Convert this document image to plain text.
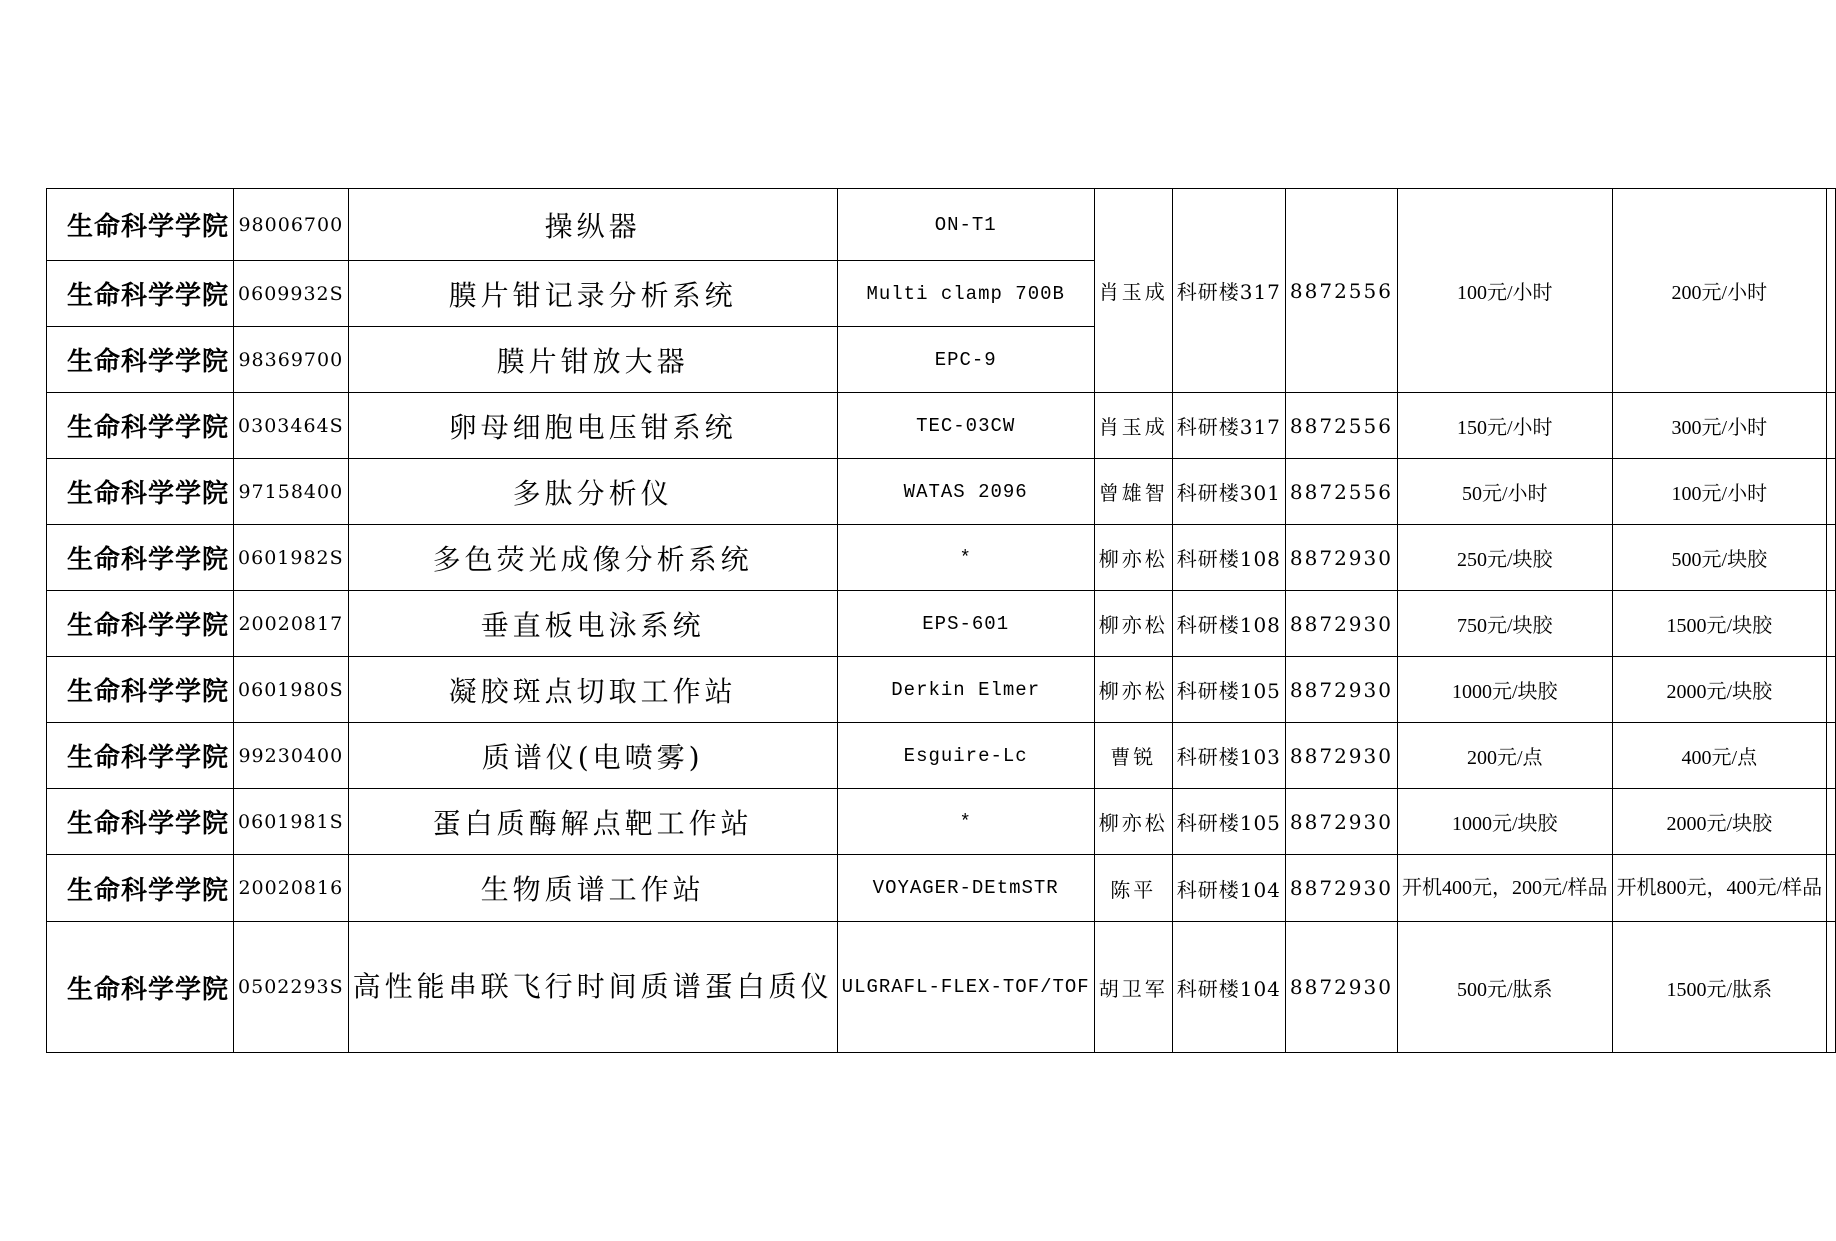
生命科学学院	98006700	操纵器	ON-T1	肖玉成	科研楼317	8872556	100元/小时	200元/小时	
生命科学学院	0609932S	膜片钳记录分析系统	Multi clamp 700B						
生命科学学院	98369700	膜片钳放大器	EPC-9						
生命科学学院	0303464S	卵母细胞电压钳系统	TEC-03CW	肖玉成	科研楼317	8872556	150元/小时	300元/小时	
生命科学学院	97158400	多肽分析仪	WATAS 2096	曾雄智	科研楼301	8872556	50元/小时	100元/小时	
生命科学学院	0601982S	多色荧光成像分析系统	*	柳亦松	科研楼108	8872930	250元/块胶	500元/块胶	
生命科学学院	20020817	垂直板电泳系统	EPS-601	柳亦松	科研楼108	8872930	750元/块胶	1500元/块胶	
生命科学学院	0601980S	凝胶斑点切取工作站	Derkin Elmer	柳亦松	科研楼105	8872930	1000元/块胶	2000元/块胶	
生命科学学院	99230400	质谱仪(电喷雾)	Esguire-Lc	曹锐	科研楼103	8872930	200元/点	400元/点	
生命科学学院	0601981S	蛋白质酶解点靶工作站	*	柳亦松	科研楼105	8872930	1000元/块胶	2000元/块胶	
生命科学学院	20020816	生物质谱工作站	VOYAGER-DEtmSTR	陈平	科研楼104	8872930	开机400元，200元/样品	开机800元，400元/样品	
生命科学学院	0502293S	高性能串联飞行时间质谱蛋白质仪	ULGRAFL-FLEX-TOF/TOF	胡卫军	科研楼104	8872930	500元/肽系	1500元/肽系	
